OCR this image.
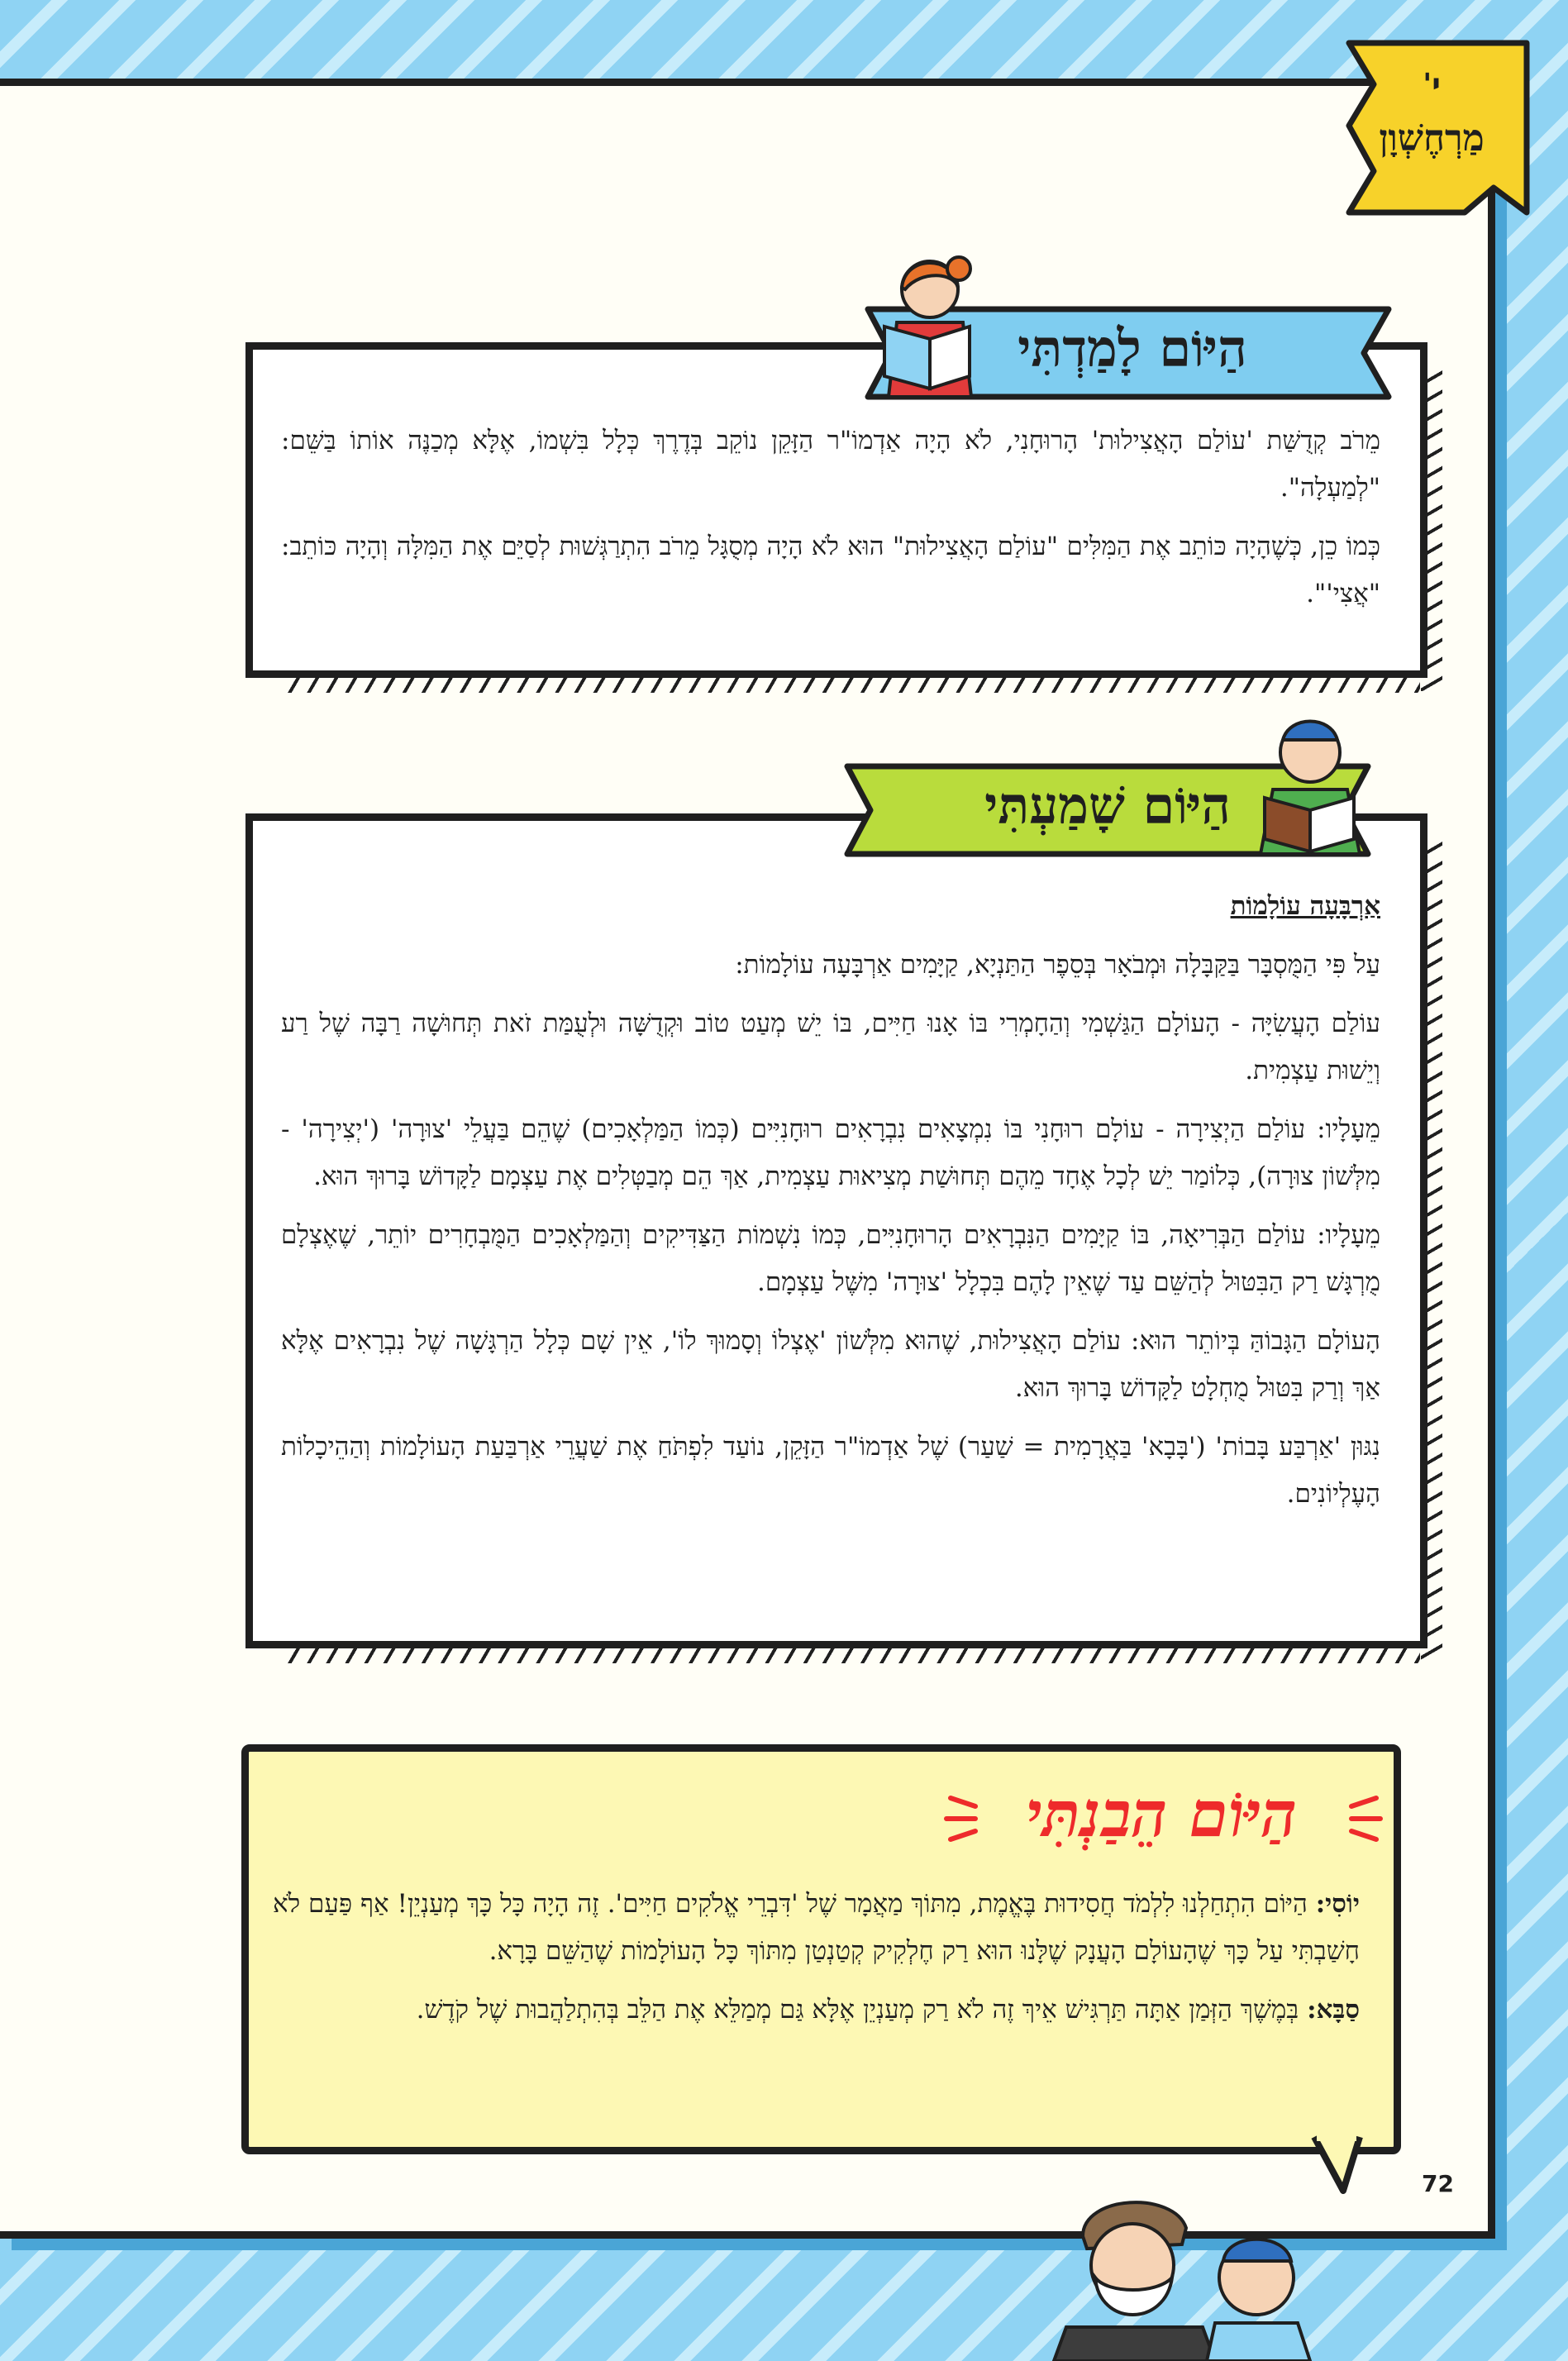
י'
מַרְחֶשְׁוָן
הַיּוֹם לָמַדְתִּי

מֵרֹב קְדֻשַּׁת 'עוֹלַם הָאֲצִילוּת' הָרוּחָנִי, לֹא הָיָה אַדְמוֹ"ר הַזָּקֵן נוֹקֵב בְּדֶרֶךְ כְּלָל בִּשְׁמוֹ, אֶלָּא מְכַנֶּה אוֹתוֹ בַּשֵּׁם: "לְמַעְלָה".

כְּמוֹ כֵן, כְּשֶׁהָיָה כּוֹתֵב אֶת הַמִּלִּים "עוֹלַם הָאֲצִילוּת" הוּא לֹא הָיָה מְסֻגָּל מֵרֹב הִתְרַגְּשׁוּת לְסַיֵּם אֶת הַמִּלָּה וְהָיָה כּוֹתֵב: "אֲצִי'".

הַיּוֹם שָׁמַעְתִּי

אַרְבָּעָה עוֹלָמוֹת

עַל פִּי הַמֻּסְבָּר בַּקַּבָּלָה וּמְבֹאָר בְּסֵפֶר הַתַּנְיָא, קַיָּמִים אַרְבָּעָה עוֹלָמוֹת:

עוֹלַם הָעֲשִׂיָּה - הָעוֹלָם הַגַּשְׁמִי וְהַחָמְרִי בּוֹ אָנוּ חַיִּים, בּוֹ יֵשׁ מְעַט טוֹב וּקְדֻשָּׁה וּלְעֻמַּת זֹאת תְּחוּשָׁה רַבָּה שֶׁל רַע וְיֵשׁוּת עַצְמִית.

מֵעָלָיו: עוֹלַם הַיְצִירָה - עוֹלָם רוּחָנִי בּוֹ נִמְצָאִים נִבְרָאִים רוּחָנִיִּים (כְּמוֹ הַמַּלְאָכִים) שֶׁהֵם בַּעֲלֵי 'צוּרָה' ('יְצִירָה' - מִלְּשׁוֹן צוּרָה), כְּלוֹמַר יֵשׁ לְכָל אֶחָד מֵהֶם תְּחוּשַׁת מְצִיאוּת עַצְמִית, אַךְ הֵם מְבַטְּלִים אֶת עַצְמָם לַקָּדוֹשׁ בָּרוּךְ הוּא.

מֵעָלָיו: עוֹלַם הַבְּרִיאָה, בּוֹ קַיָּמִים הַנִּבְרָאִים הָרוּחָנִיִּים, כְּמוֹ נִשְׁמוֹת הַצַּדִּיקִים וְהַמַּלְאָכִים הַמֻּבְחָרִים יוֹתֵר, שֶׁאֶצְלָם מֻרְגָּשׁ רַק הַבִּטּוּל לְהַשֵּׁם עַד שֶׁאֵין לָהֶם בִּכְלָל 'צוּרָה' מִשֶּׁל עַצְמָם.

הָעוֹלָם הַגָּבוֹהַּ בְּיוֹתֵר הוּא: עוֹלַם הָאֲצִילוּת, שֶׁהוּא מִלְּשׁוֹן 'אֶצְלוֹ וְסָמוּךְ לוֹ', אֵין שָׁם כְּלָל הַרְגָּשָׁה שֶׁל נִבְרָאִים אֶלָּא אַךְ וְרַק בִּטּוּל מֻחְלָט לַקָּדוֹשׁ בָּרוּךְ הוּא.

נִגּוּן 'אַרְבַּע בָּבוֹת' ('בָּבָא' בַּאֲרָמִית = שַׁעַר) שֶׁל אַדְמוֹ"ר הַזָּקֵן, נוֹעַד לִפְתֹּחַ אֶת שַׁעֲרֵי אַרְבַּעַת הָעוֹלָמוֹת וְהַהֵיכָלוֹת הָעֶלְיוֹנִים.

הַיּוֹם הֵבַנְתִּי

יוֹסִי: הַיּוֹם הִתְחַלְנוּ לִלְמֹד חֲסִידוּת בֶּאֱמֶת, מִתּוֹךְ מַאֲמָר שֶׁל 'דִּבְרֵי אֱלֹקִים חַיִּים'. זֶה הָיָה כָּל כָּךְ מְעַנְיֵן! אַף פַּעַם לֹא חָשַׁבְתִּי עַל כָּךְ שֶׁהָעוֹלָם הָעֲנָק שֶׁלָּנוּ הוּא רַק חֶלְקִיק קְטַנְטַן מִתּוֹךְ כָּל הָעוֹלָמוֹת שֶׁהַשֵּׁם בָּרָא.

סַבָּא: בְּמֶשֶׁךְ הַזְּמַן אַתָּה תַּרְגִּישׁ אֵיךְ זֶה לֹא רַק מְעַנְיֵן אֶלָּא גַּם מְמַלֵּא אֶת הַלֵּב בְּהִתְלַהֲבוּת שֶׁל קֹדֶשׁ.

72
